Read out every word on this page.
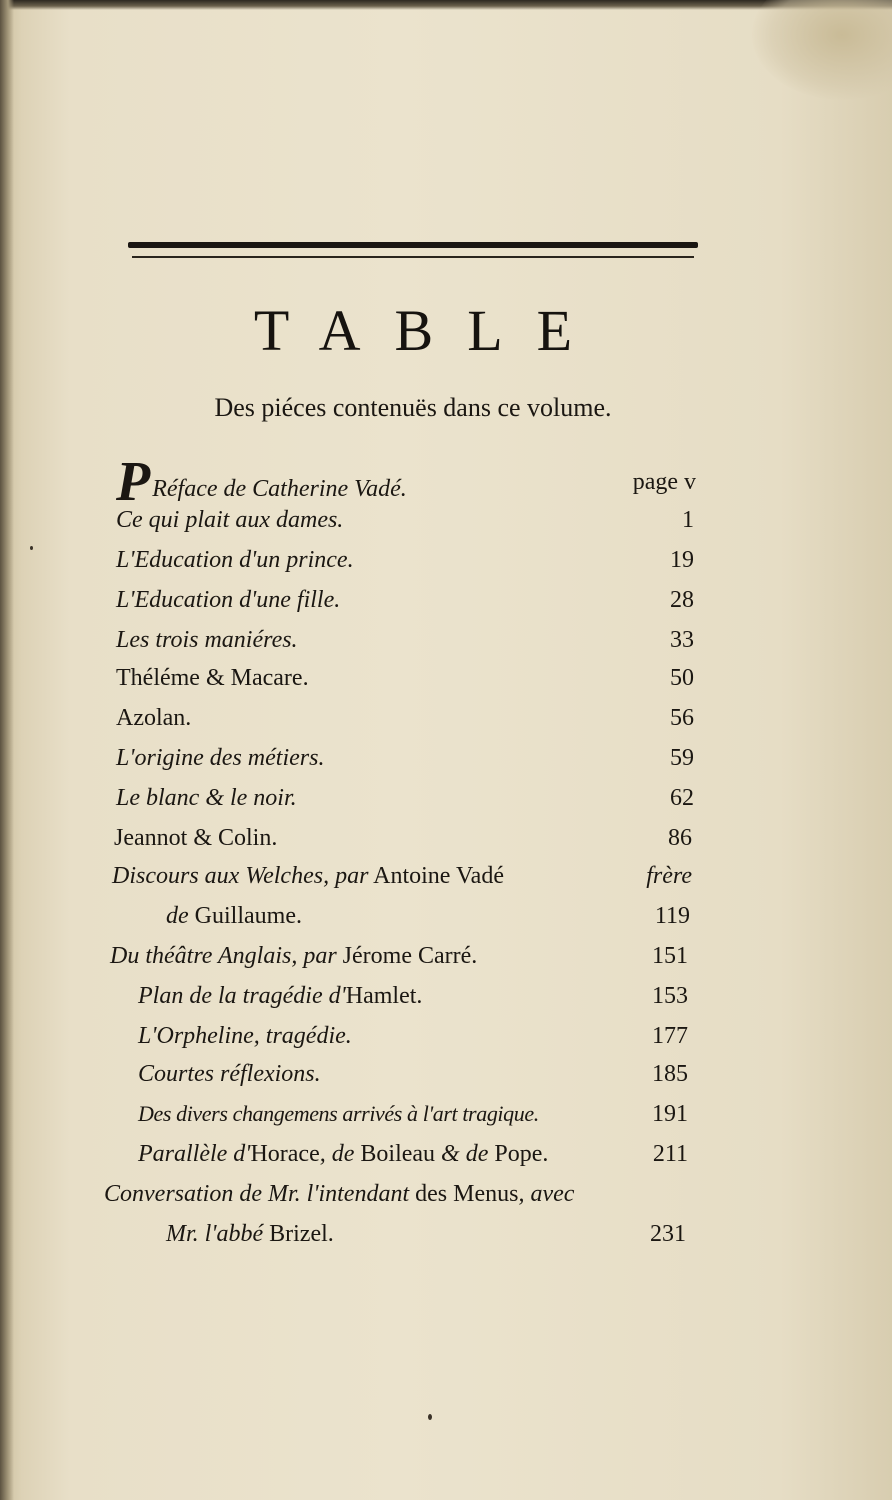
TABLE
Des piéces contenuës dans ce volume.
PRéface de Catherine Vadé.	page v
Ce qui plait aux dames.	1
L'Education d'un prince.	19
L'Education d'une fille.	28
Les trois maniéres.	33
Théléme & Macare.	50
Azolan.	56
L'origine des métiers.	59
Le blanc & le noir.	62
Jeannot & Colin.	86
Discours aux Welches, par Antoine Vadé	frère
de Guillaume.	119
Du théâtre Anglais, par Jérome Carré.	151
Plan de la tragédie d'Hamlet.	153
L'Orpheline, tragédie.	177
Courtes réflexions.	185
Des divers changemens arrivés à l'art tragique.	191
Parallèle d'Horace, de Boileau & de Pope.	211
Conversation de Mr. l'intendant des Menus, avec
Mr. l'abbé Brizel.	231
